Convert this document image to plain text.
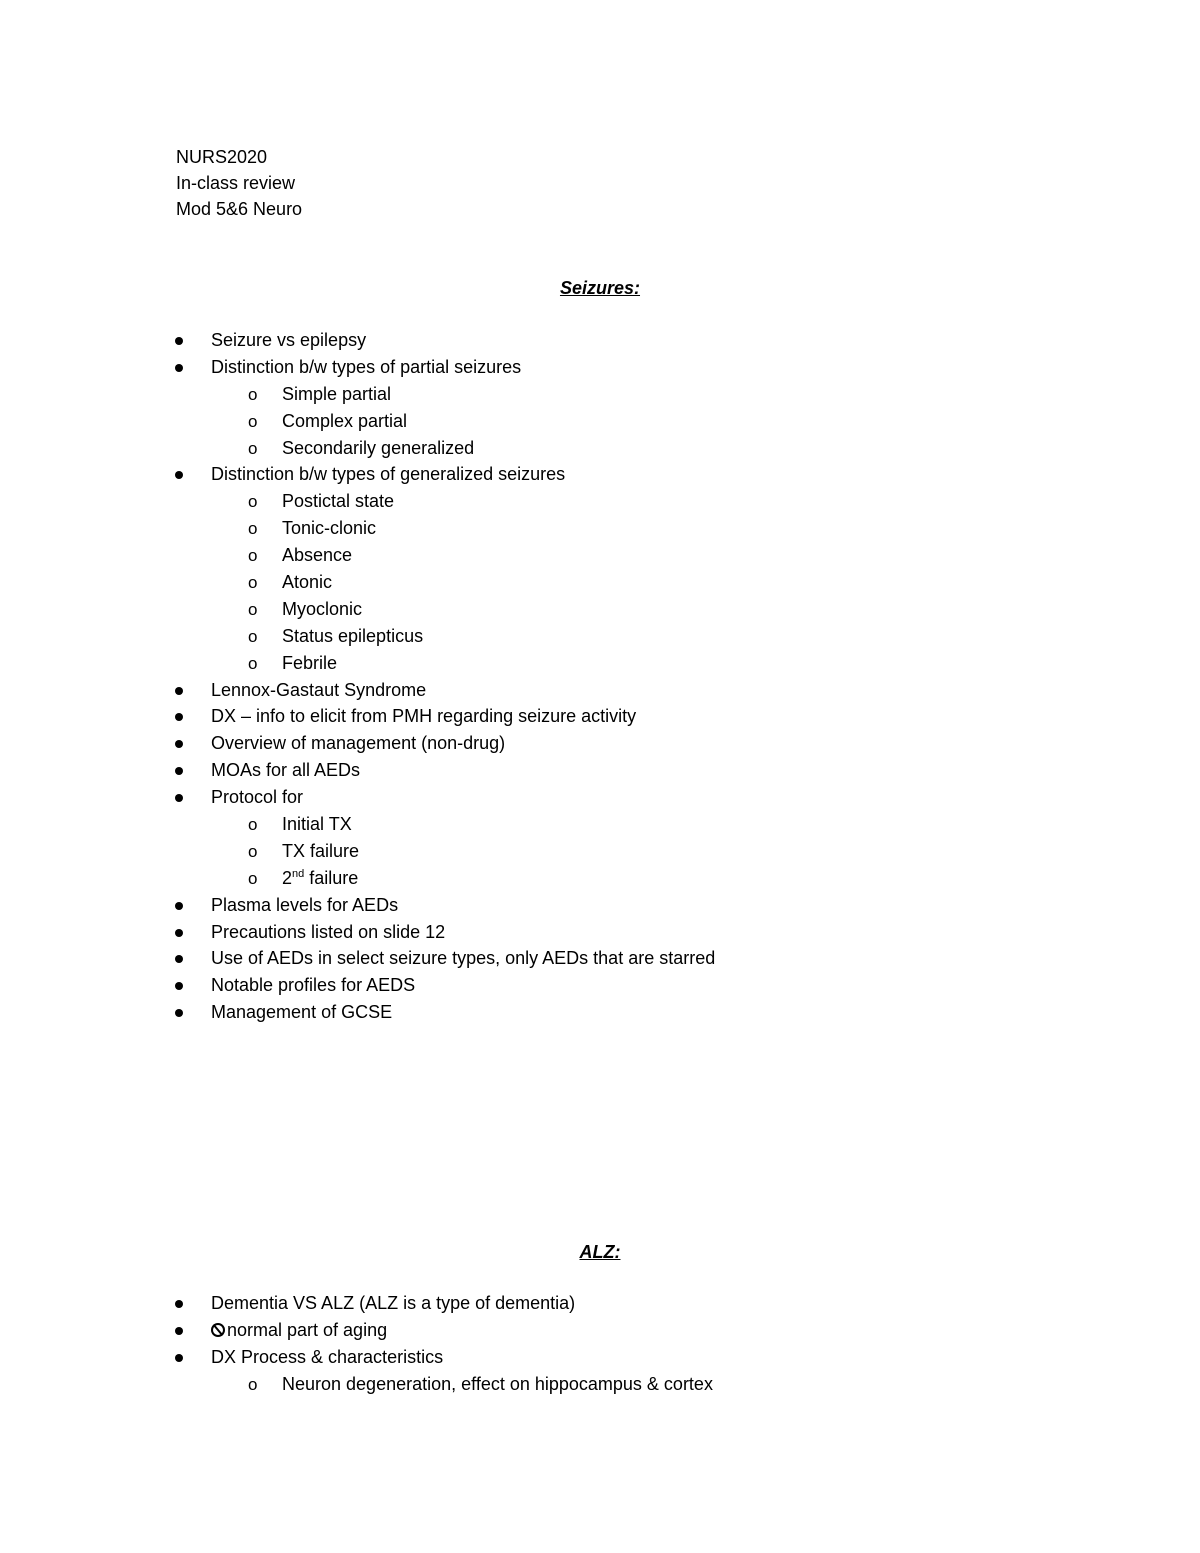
NURS2020
In-class review
Mod 5&6 Neuro
Seizures:
Seizure vs epilepsy
Distinction b/w types of partial seizures
o Simple partial
o Complex partial
o Secondarily generalized
Distinction b/w types of generalized seizures
o Postictal state
o Tonic-clonic
o Absence
o Atonic
o Myoclonic
o Status epilepticus
o Febrile
Lennox-Gastaut Syndrome
DX – info to elicit from PMH regarding seizure activity
Overview of management (non-drug)
MOAs for all AEDs
Protocol for
o Initial TX
o TX failure
o 2nd failure
Plasma levels for AEDs
Precautions listed on slide 12
Use of AEDs in select seizure types, only AEDs that are starred
Notable profiles for AEDS
Management of GCSE
ALZ:
Dementia VS ALZ (ALZ is a type of dementia)
normal part of aging
DX Process & characteristics
o Neuron degeneration, effect on hippocampus & cortex
